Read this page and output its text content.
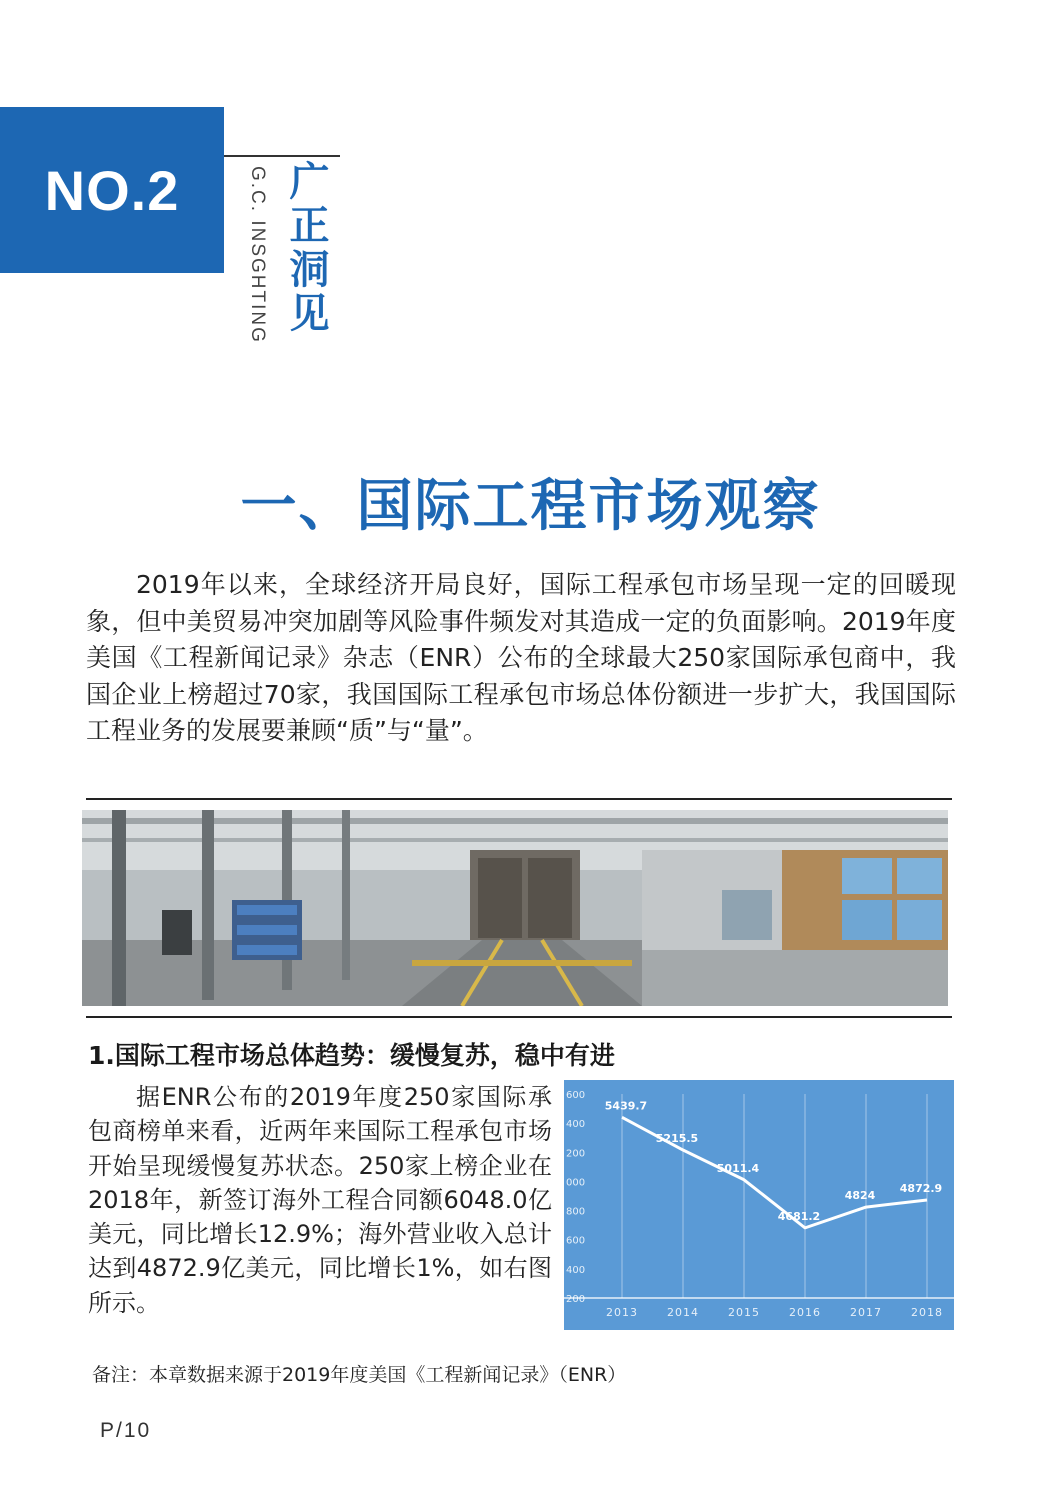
NO.2	G.C. INSGHTING 广正洞见
一、国际工程市场观察

2019年以来，全球经济开局良好，国际工程承包市场呈现一定的回暖现象，但中美贸易冲突加剧等风险事件频发对其造成一定的负面影响。2019年度美国《工程新闻记录》杂志（ENR）公布的全球最大250家国际承包商中，我国企业上榜超过70家，我国国际工程承包市场总体份额进一步扩大，我国国际工程业务的发展要兼顾“质”与“量”。

1.国际工程市场总体趋势：缓慢复苏，稳中有进

据ENR公布的2019年度250家国际承包商榜单来看，近两年来国际工程承包市场开始呈现缓慢复苏状态。250家上榜企业在2018年，新签订海外工程合同额6048.0亿美元，同比增长12.9%；海外营业收入总计达到4872.9亿美元，同比增长1%，如右图所示。

600
400
200
000
800
600
400
200
2013	2014	2015	2016	2017	2018
5439.7
5215.5
5011.4
4681.2
4824
4872.9
备注：本章数据来源于2019年度美国《工程新闻记录》（ENR）
P/10
